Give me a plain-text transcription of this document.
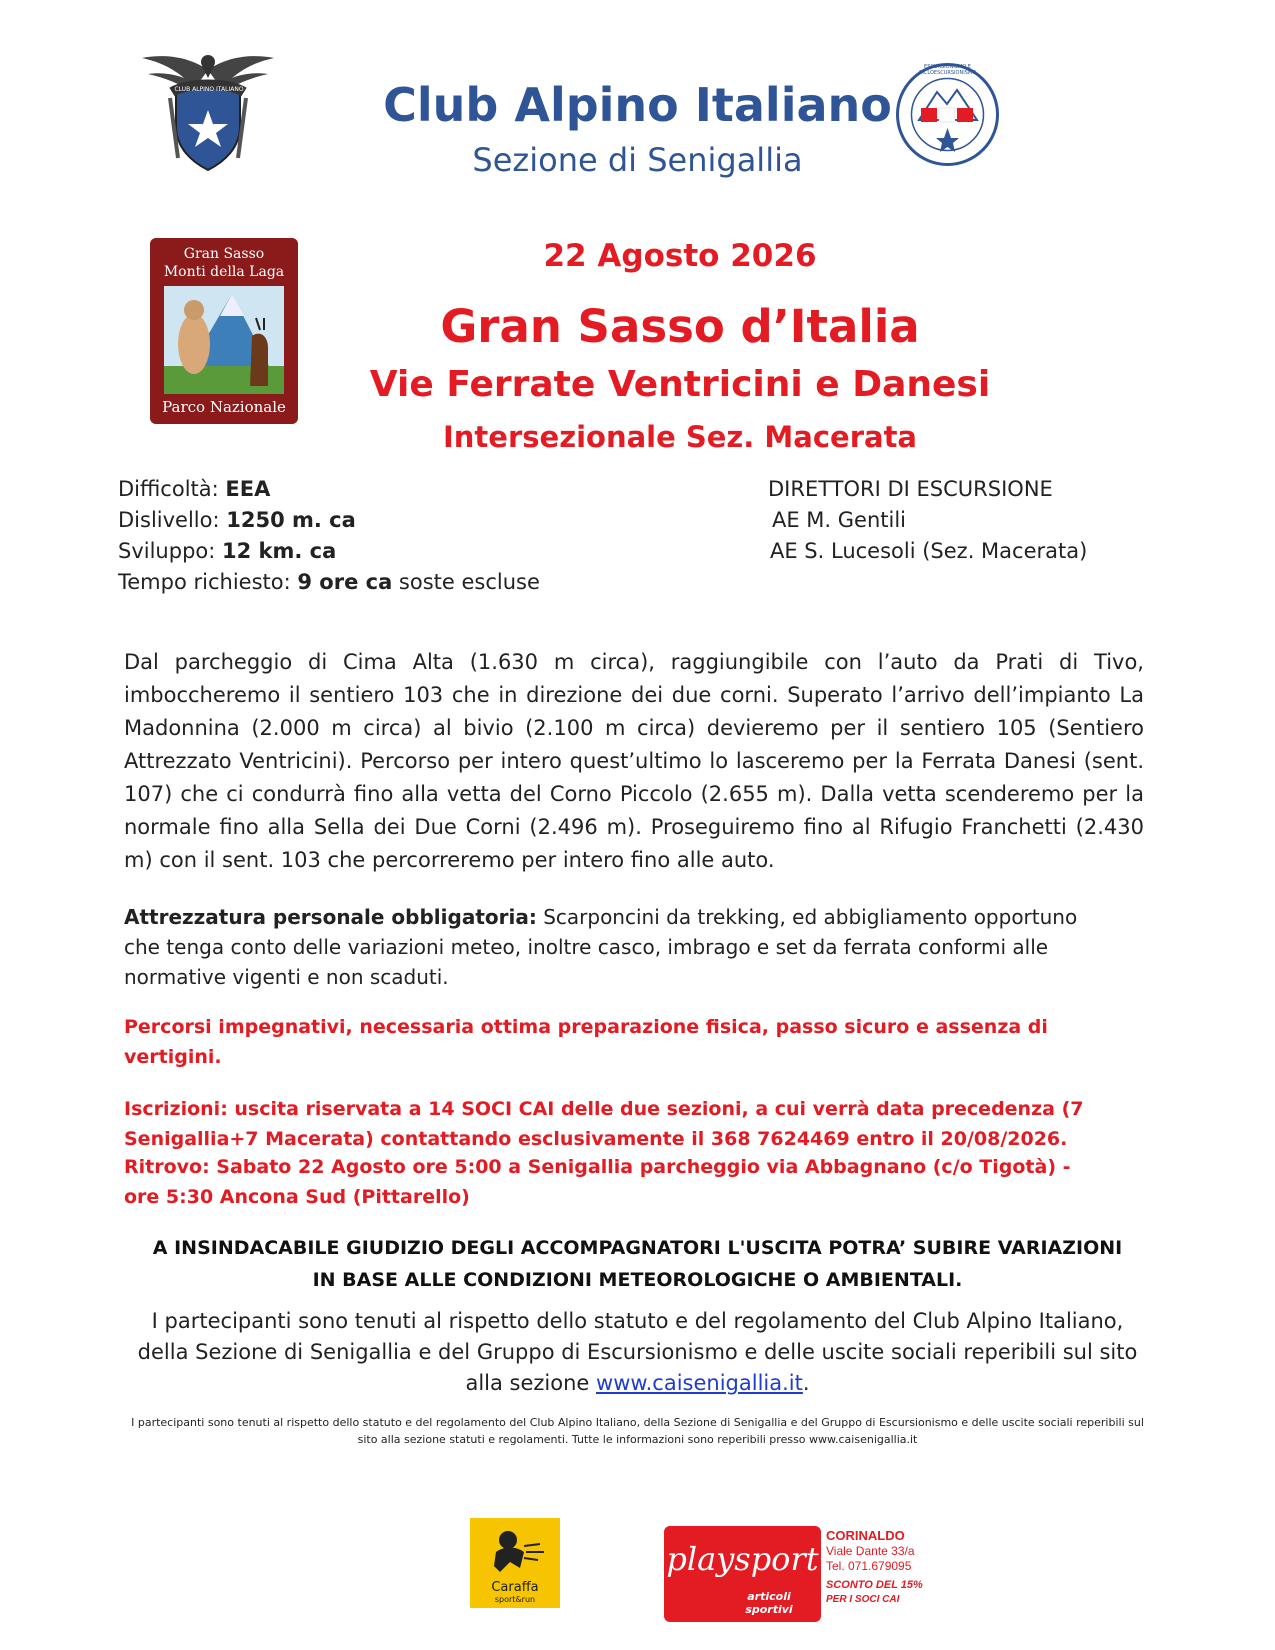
CLUB ALPINO ITALIANO	Club Alpino Italiano
Sezione di Senigallia
ESCURSIONISMO E CICLOESCURSIONISMO
Gran Sasso
Monti della Laga
Parco Nazionale
22 Agosto 2026
Gran Sasso d’Italia
Vie Ferrate Ventricini e Danesi
Intersezionale Sez. Macerata
Difficoltà: EEA
Dislivello: 1250 m. ca
Sviluppo: 12 km. ca
Tempo richiesto: 9 ore ca soste escluse
DIRETTORI DI ESCURSIONE
AE M. Gentili
AE S. Lucesoli (Sez. Macerata)
Dal parcheggio di Cima Alta (1.630 m circa), raggiungibile con l’auto da Prati di Tivo, imboccheremo il sentiero 103 che in direzione dei due corni. Superato l’arrivo dell’impianto La Madonnina (2.000 m circa) al bivio (2.100 m circa) devieremo per il sentiero 105 (Sentiero Attrezzato Ventricini). Percorso per intero quest’ultimo lo lasceremo per la Ferrata Danesi (sent. 107) che ci condurrà fino alla vetta del Corno Piccolo (2.655 m). Dalla vetta scenderemo per la normale fino alla Sella dei Due Corni (2.496 m). Proseguiremo fino al Rifugio Franchetti (2.430 m) con il sent. 103 che percorreremo per intero fino alle auto.
Attrezzatura personale obbligatoria: Scarponcini da trekking, ed abbigliamento opportuno che tenga conto delle variazioni meteo, inoltre casco, imbrago e set da ferrata conformi alle normative vigenti e non scaduti.
Percorsi impegnativi, necessaria ottima preparazione fisica, passo sicuro e assenza di vertigini.
Iscrizioni: uscita riservata a 14 SOCI CAI delle due sezioni, a cui verrà data precedenza (7 Senigallia+7 Macerata) contattando esclusivamente il 368 7624469 entro il 20/08/2026.
Ritrovo: Sabato 22 Agosto ore 5:00 a Senigallia parcheggio via Abbagnano (c/o Tigotà) - ore 5:30 Ancona Sud (Pittarello)
A INSINDACABILE GIUDIZIO DEGLI ACCOMPAGNATORI L'USCITA POTRA’ SUBIRE VARIAZIONI
IN BASE ALLE CONDIZIONI METEOROLOGICHE O AMBIENTALI.
I partecipanti sono tenuti al rispetto dello statuto e del regolamento del Club Alpino Italiano, della Sezione di Senigallia e del Gruppo di Escursionismo e delle uscite sociali reperibili sul sito alla sezione www.caisenigallia.it.
I partecipanti sono tenuti al rispetto dello statuto e del regolamento del Club Alpino Italiano, della Sezione di Senigallia e del Gruppo di Escursionismo e delle uscite sociali reperibili sul sito alla sezione statuti e regolamenti. Tutte le informazioni sono reperibili presso www.caisenigallia.it
Caraffa
sport&run
playsport
articoli sportivi
CORINALDO
Viale Dante 33/a
Tel. 071.679095
SCONTO DEL 15%
PER I SOCI CAI
